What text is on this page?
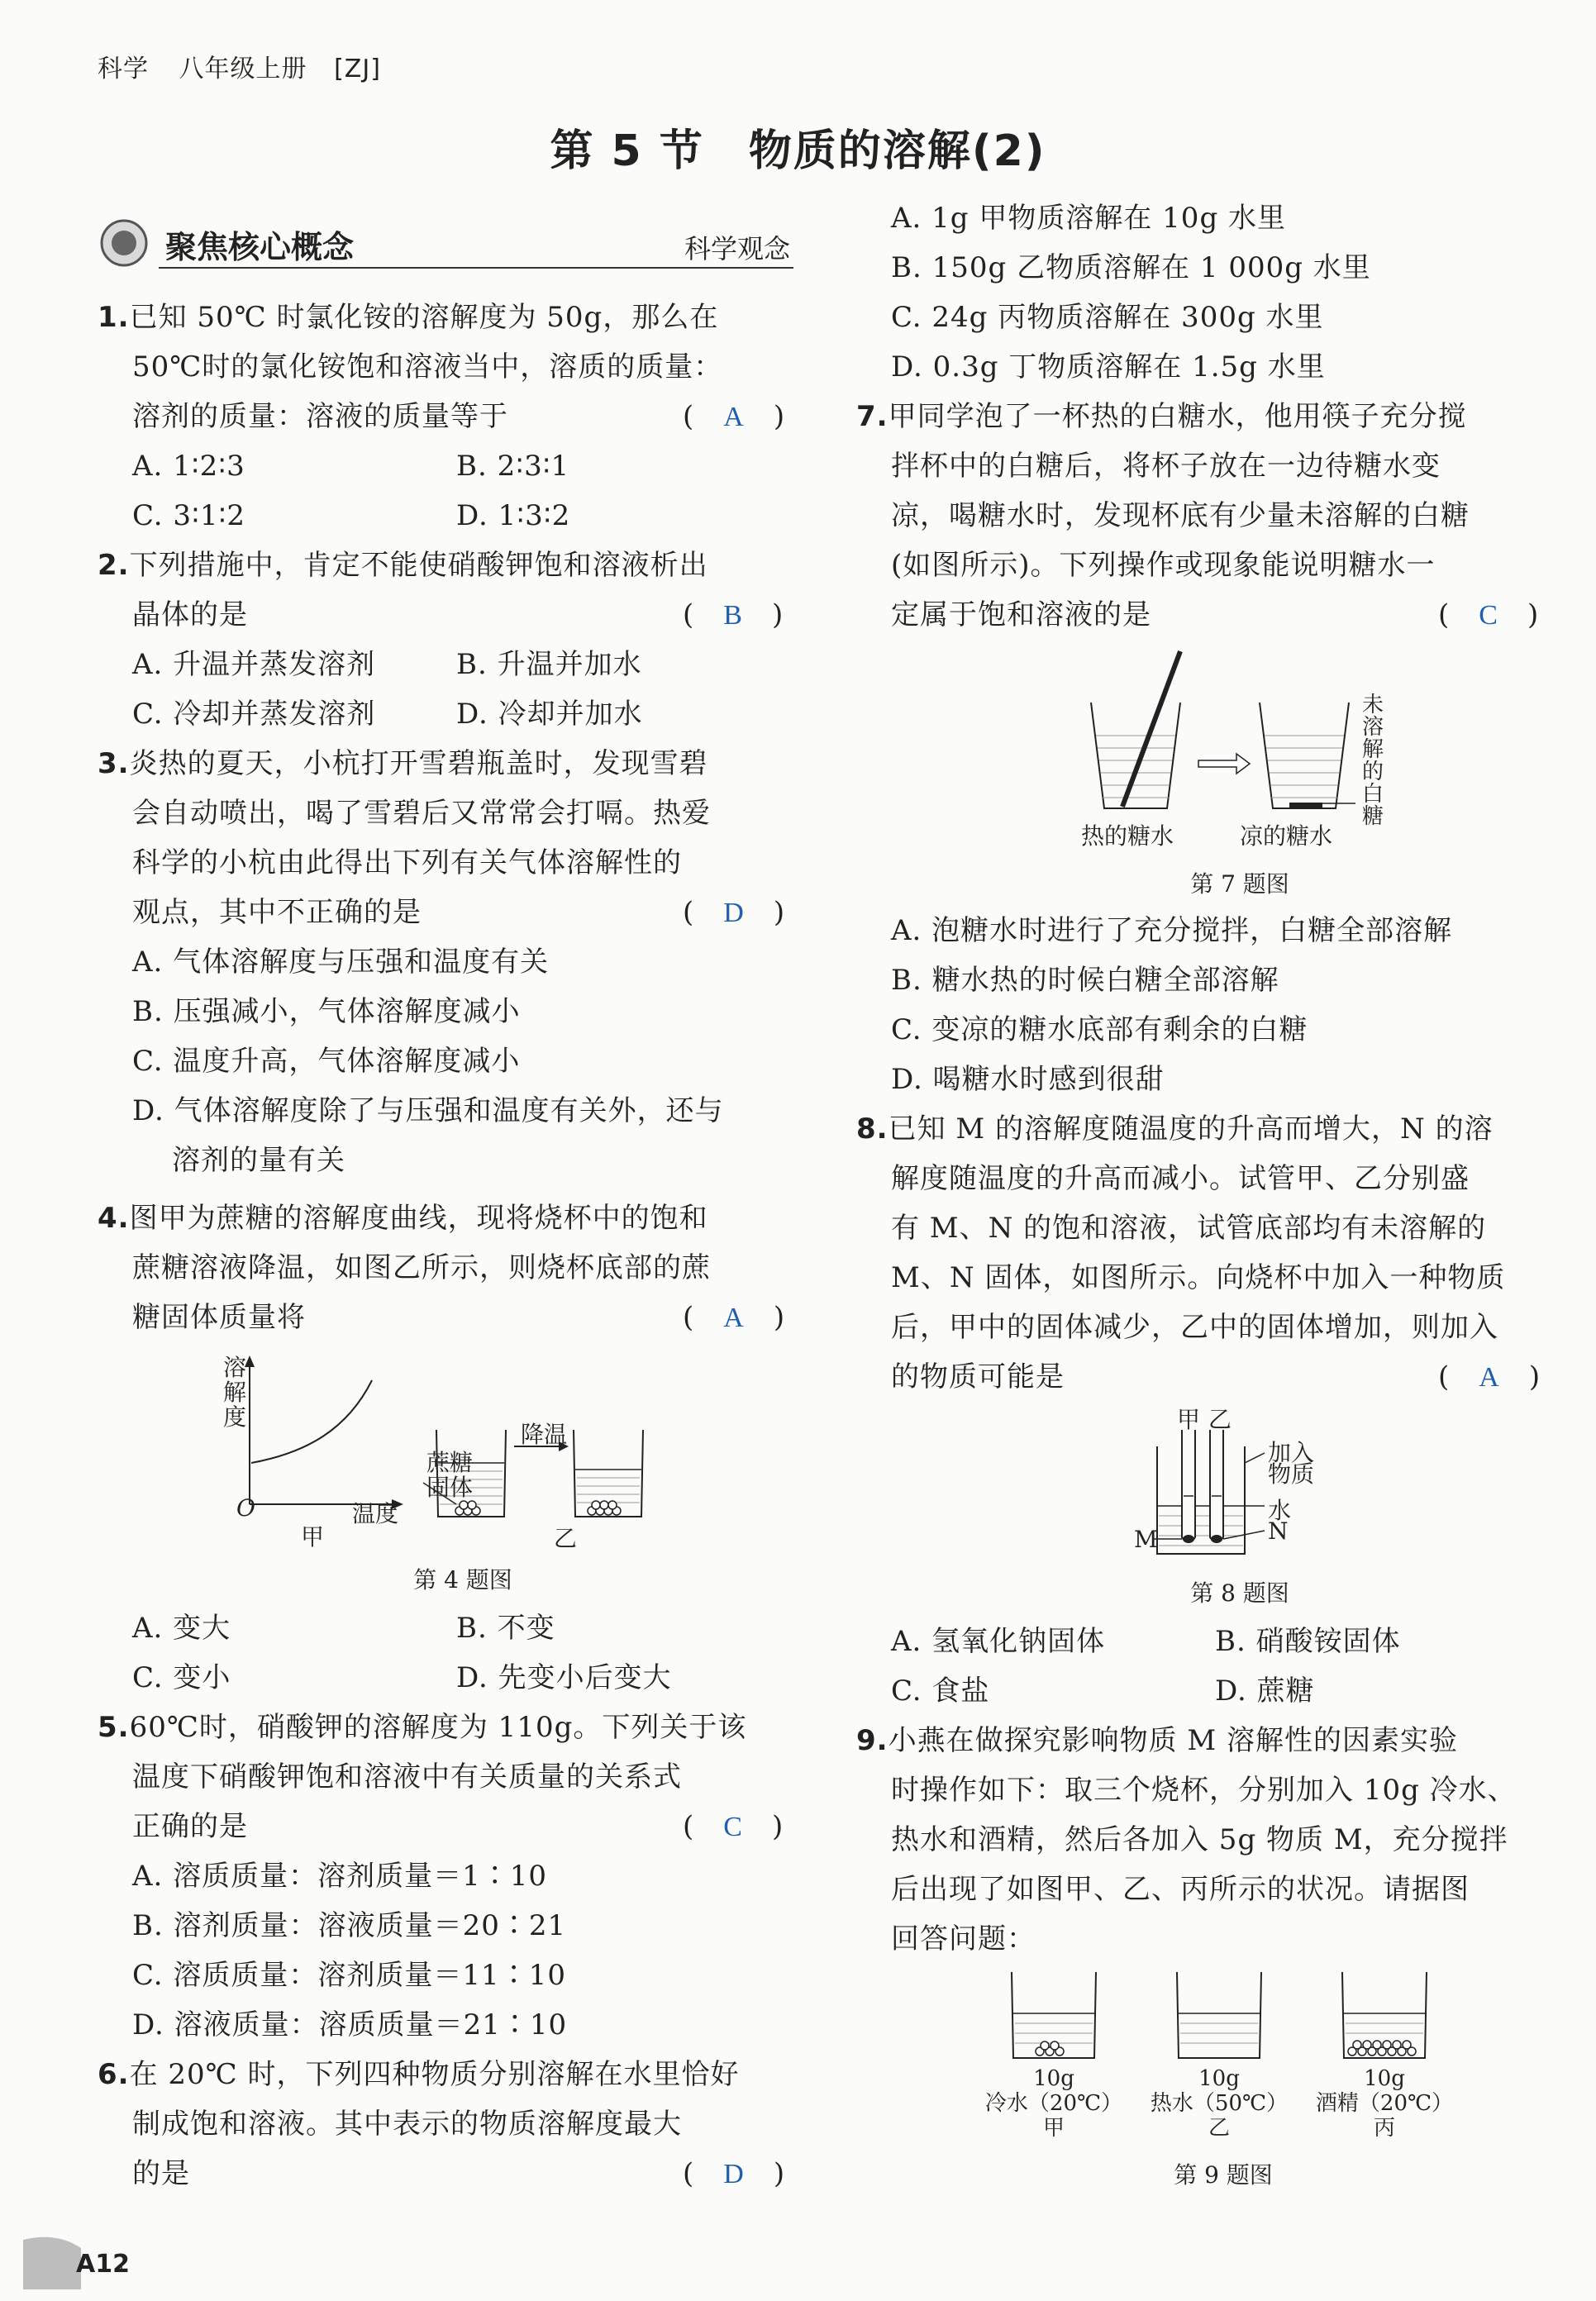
科学 八年级上册 [ZJ]
第 5 节　物质的溶解(2)
聚焦核心概念	科学观念
1.已知 50℃ 时氯化铵的溶解度为 50g，那么在
50℃时的氯化铵饱和溶液当中，溶质的质量：
溶剂的质量：溶液的质量等于	(　A　)
A. 1∶2∶3	B. 2∶3∶1
C. 3∶1∶2	D. 1∶3∶2
2.下列措施中，肯定不能使硝酸钾饱和溶液析出
晶体的是	(　B　)
A. 升温并蒸发溶剂	B. 升温并加水
C. 冷却并蒸发溶剂	D. 冷却并加水
3.炎热的夏天，小杭打开雪碧瓶盖时，发现雪碧
会自动喷出，喝了雪碧后又常常会打嗝。热爱
科学的小杭由此得出下列有关气体溶解性的
观点，其中不正确的是	(　D　)
A. 气体溶解度与压强和温度有关
B. 压强减小，气体溶解度减小
C. 温度升高，气体溶解度减小
D. 气体溶解度除了与压强和温度有关外，还与
溶剂的量有关
4.图甲为蔗糖的溶解度曲线，现将烧杯中的饱和
蔗糖溶液降温，如图乙所示，则烧杯底部的蔗
糖固体质量将	(　A　)
溶解度
O	温度
甲
蔗糖
固体
降温
乙
第 4 题图
A. 变大	B. 不变
C. 变小	D. 先变小后变大
5.60℃时，硝酸钾的溶解度为 110g。下列关于该
温度下硝酸钾饱和溶液中有关质量的关系式
正确的是	(　C　)
A. 溶质质量：溶剂质量＝1∶10
B. 溶剂质量：溶液质量＝20∶21
C. 溶质质量：溶剂质量＝11∶10
D. 溶液质量：溶质质量＝21∶10
6.在 20℃ 时，下列四种物质分别溶解在水里恰好
制成饱和溶液。其中表示的物质溶解度最大
的是	(　D　)
A12
A. 1g 甲物质溶解在 10g 水里
B. 150g 乙物质溶解在 1 000g 水里
C. 24g 丙物质溶解在 300g 水里
D. 0.3g 丁物质溶解在 1.5g 水里
7.甲同学泡了一杯热的白糖水，他用筷子充分搅
拌杯中的白糖后，将杯子放在一边待糖水变
凉，喝糖水时，发现杯底有少量未溶解的白糖
(如图所示)。下列操作或现象能说明糖水一
定属于饱和溶液的是	(　C　)
热的糖水	凉的糖水
未
溶
解
的
白
糖
第 7 题图
A. 泡糖水时进行了充分搅拌，白糖全部溶解
B. 糖水热的时候白糖全部溶解
C. 变凉的糖水底部有剩余的白糖
D. 喝糖水时感到很甜
8.已知 M 的溶解度随温度的升高而增大，N 的溶
解度随温度的升高而减小。试管甲、乙分别盛
有 M、N 的饱和溶液，试管底部均有未溶解的
M、N 固体，如图所示。向烧杯中加入一种物质
后，甲中的固体减少，乙中的固体增加，则加入
的物质可能是	(　A　)
甲 乙
加入
物质
水
M	N
第 8 题图
A. 氢氧化钠固体	B. 硝酸铵固体
C. 食盐	D. 蔗糖
9.小燕在做探究影响物质 M 溶解性的因素实验
时操作如下：取三个烧杯，分别加入 10g 冷水、
热水和酒精，然后各加入 5g 物质 M，充分搅拌
后出现了如图甲、乙、丙所示的状况。请据图
回答问题：
10g
冷水（20℃）
甲
10g
热水（50℃）
乙
10g
酒精（20℃）
丙
第 9 题图
